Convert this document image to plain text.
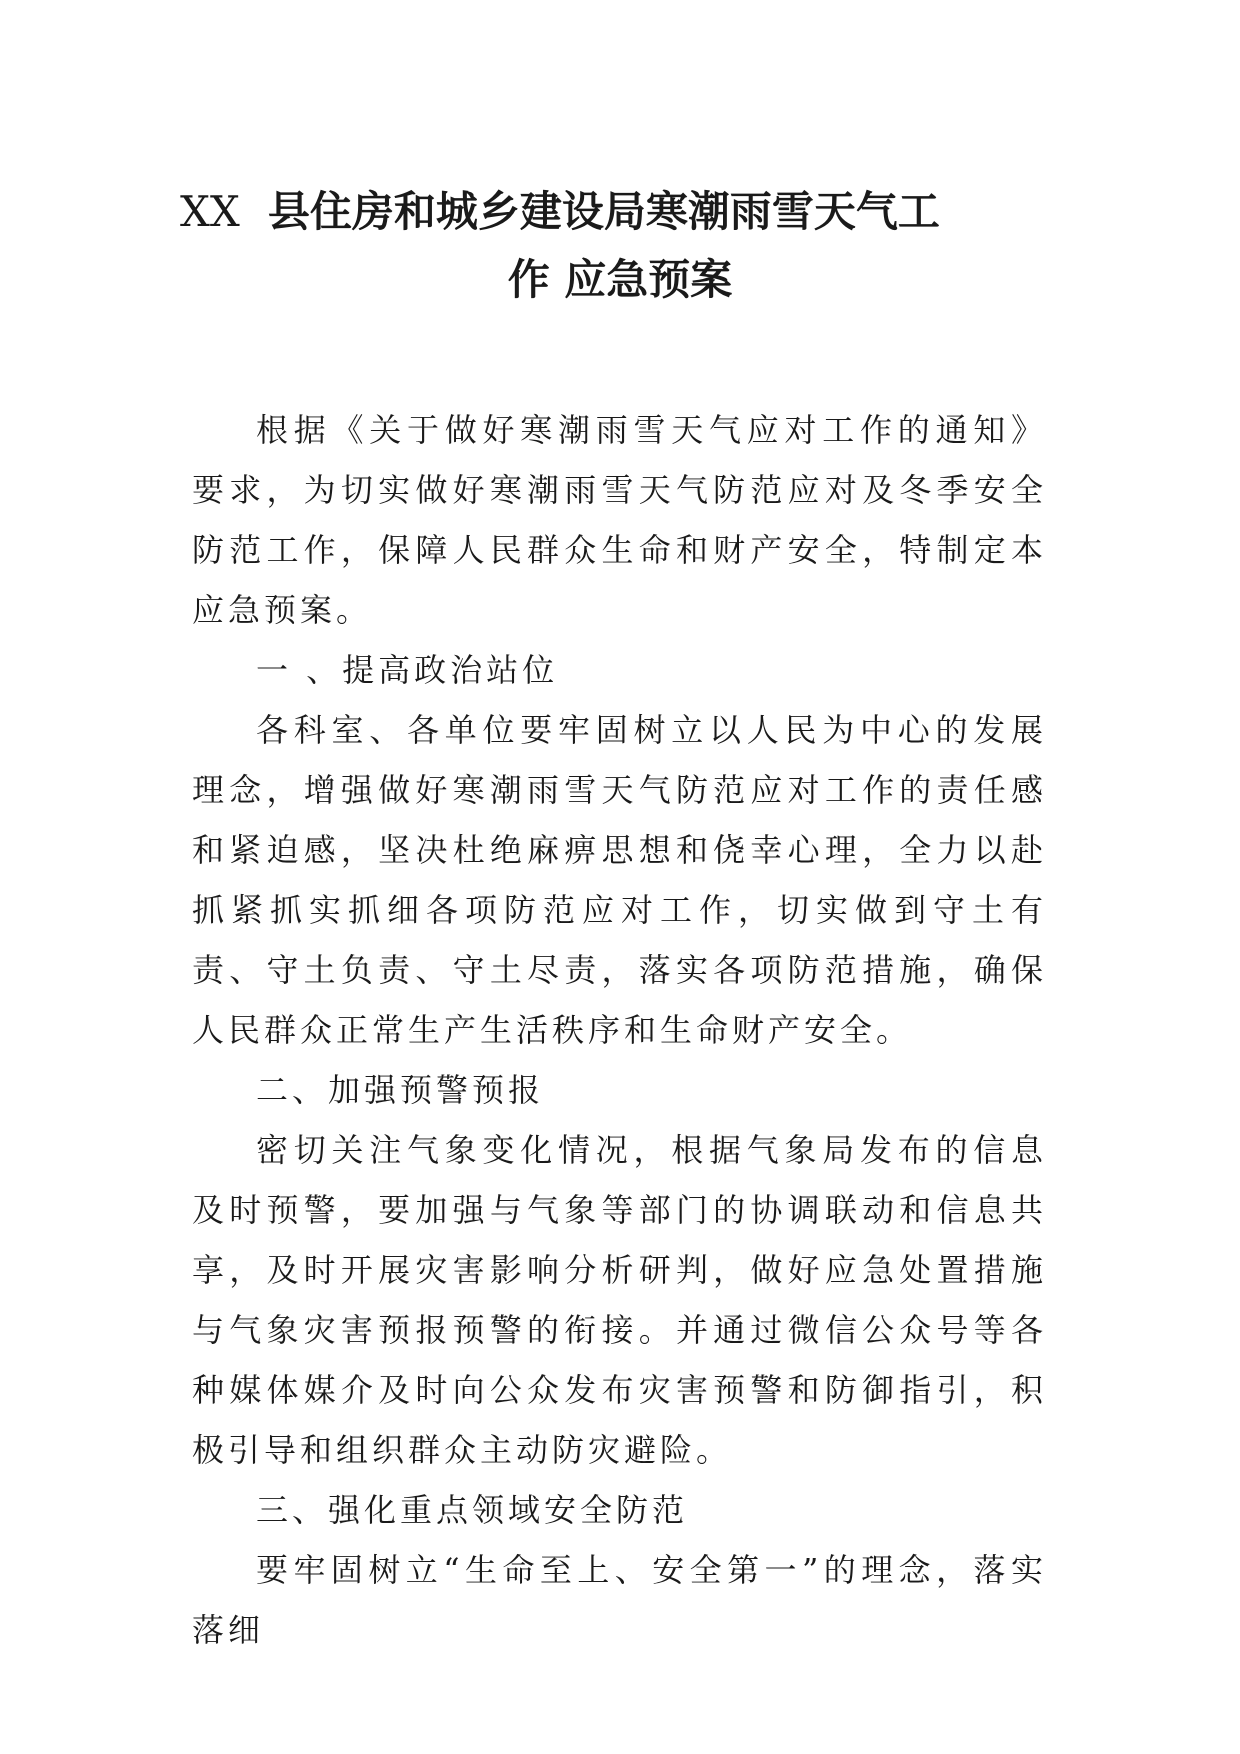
XX 县住房和城乡建设局寒潮雨雪天气工
作 应急预案

根据《关于做好寒潮雨雪天气应对工作的通知》要求，为切实做好寒潮雨雪天气防范应对及冬季安全防范工作，保障人民群众生命和财产安全，特制定本应急预案。

一 、提高政治站位

各科室、各单位要牢固树立以人民为中心的发展理念，增强做好寒潮雨雪天气防范应对工作的责任感和紧迫感，坚决杜绝麻痹思想和侥幸心理，全力以赴抓紧抓实抓细各项防范应对工作，切实做到守土有责、守土负责、守土尽责，落实各项防范措施，确保人民群众正常生产生活秩序和生命财产安全。

二、加强预警预报

密切关注气象变化情况，根据气象局发布的信息及时预警，要加强与气象等部门的协调联动和信息共享，及时开展灾害影响分析研判，做好应急处置措施与气象灾害预报预警的衔接。并通过微信公众号等各种媒体媒介及时向公众发布灾害预警和防御指引，积极引导和组织群众主动防灾避险。

三、强化重点领域安全防范

要牢固树立“生命至上、安全第一”的理念，落实落细
